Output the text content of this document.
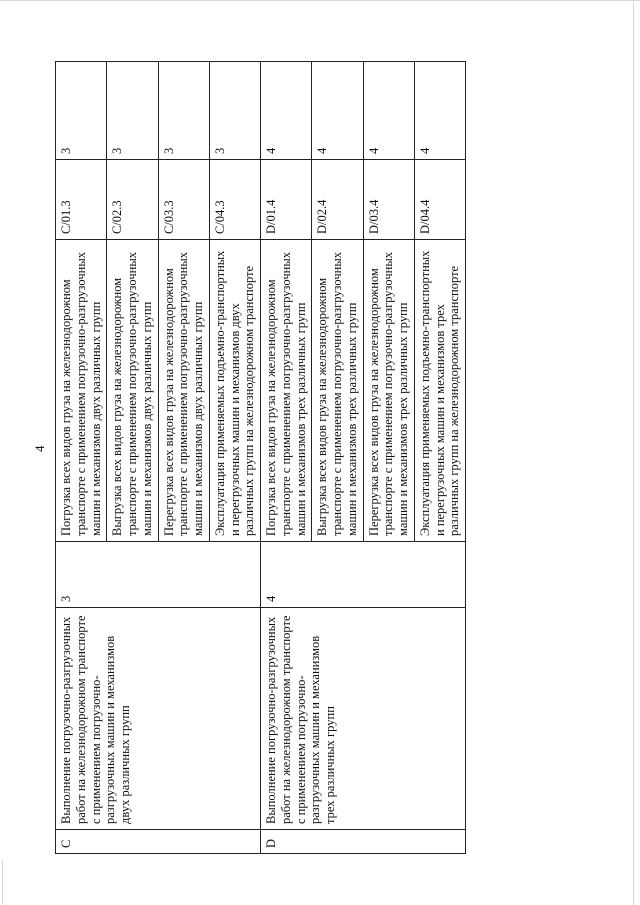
4
C	Выполнение погрузочно-разгрузочных работ на железнодорожном транспорте с применением погрузочно-разгрузочных машин и механизмов двух различных групп	3	Погрузка всех видов груза на железнодорожном транспорте с применением погрузочно-разгрузочных машин и механизмов двух различных групп	C/01.3	3
			Выгрузка всех видов груза на железнодорожном транспорте с применением погрузочно-разгрузочных машин и механизмов двух различных групп	C/02.3	3
			Перегрузка всех видов груза на железнодорожном транспорте с применением погрузочно-разгрузочных машин и механизмов двух различных групп	C/03.3	3
			Эксплуатация применяемых подъемно-транспортных и перегрузочных машин и механизмов двух различных групп на железнодорожном транспорте	C/04.3	3
D	Выполнение погрузочно-разгрузочных работ на железнодорожном транспорте с применением погрузочно-разгрузочных машин и механизмов трех различных групп	4	Погрузка всех видов груза на железнодорожном транспорте с применением погрузочно-разгрузочных машин и механизмов трех различных групп	D/01.4	4
			Выгрузка всех видов груза на железнодорожном транспорте с применением погрузочно-разгрузочных машин и механизмов трех различных групп	D/02.4	4
			Перегрузка всех видов груза на железнодорожном транспорте с применением погрузочно-разгрузочных машин и механизмов трех различных групп	D/03.4	4
			Эксплуатация применяемых подъемно-транспортных и перегрузочных машин и механизмов трех различных групп на железнодорожном транспорте	D/04.4	4
